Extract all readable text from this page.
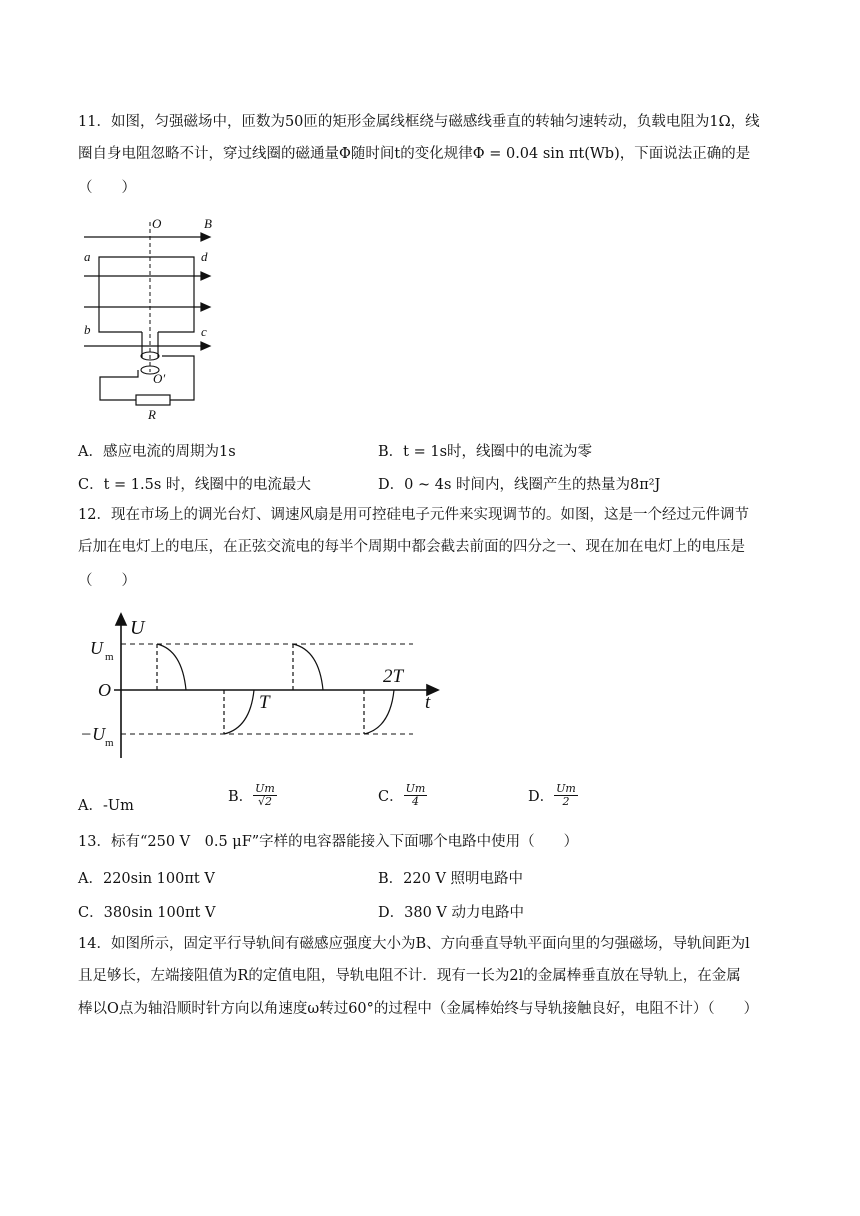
11．如图，匀强磁场中，匝数为50匝的矩形金属线框绕与磁感线垂直的转轴匀速转动，负载电阻为1Ω，线
圈自身电阻忽略不计，穿过线圈的磁通量Φ随时间t的变化规律Φ = 0.04 sin πt(Wb)，下面说法正确的是
（　　）
O	B
a	d
b	c
O′
R
A．感应电流的周期为1s	B．t = 1s时，线圈中的电流为零
C．t = 1.5s 时，线圈中的电流最大	D．0 ~ 4s 时间内，线圈产生的热量为8π²J
12．现在市场上的调光台灯、调速风扇是用可控硅电子元件来实现调节的。如图，这是一个经过元件调节
后加在电灯上的电压，在正弦交流电的每半个周期中都会截去前面的四分之一、现在加在电灯上的电压是
（　　）
U
U m
O
−U m
T
2T
t
A．-Um
B． $\frac{Um}{√2}$	C． $\frac{Um}{4}$	D． $\frac{Um}{2}$
13．标有“250 V　0.5 μF”字样的电容器能接入下面哪个电路中使用（　　）
A．220sin 100πt V	B．220 V 照明电路中
C．380sin 100πt V	D．380 V 动力电路中
14．如图所示，固定平行导轨间有磁感应强度大小为B、方向垂直导轨平面向里的匀强磁场，导轨间距为l
且足够长，左端接阻值为R的定值电阻，导轨电阻不计．现有一长为2l的金属棒垂直放在导轨上，在金属
棒以O点为轴沿顺时针方向以角速度ω转过60°的过程中（金属棒始终与导轨接触良好，电阻不计）（　　）
